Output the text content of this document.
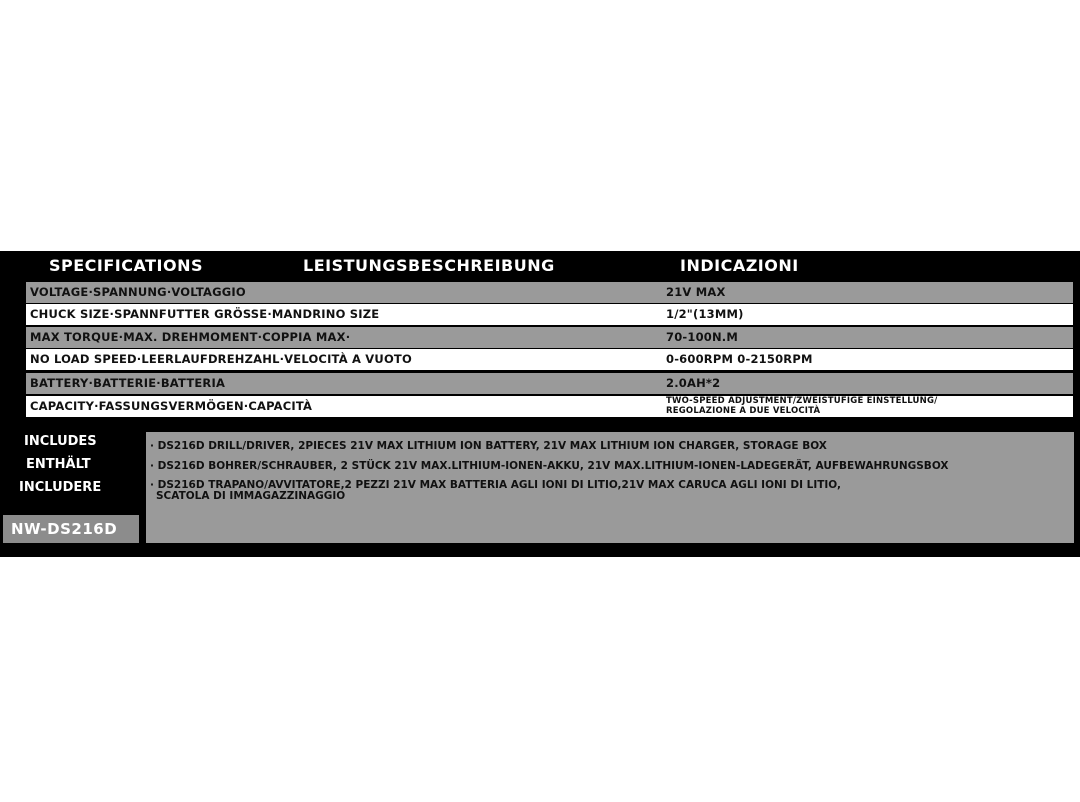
SPECIFICATIONS	LEISTUNGSBESCHREIBUNG	INDICAZIONI
VOLTAGE·SPANNUNG·VOLTAGGIO	21V MAX
CHUCK SIZE·SPANNFUTTER GRÖSSE·MANDRINO SIZE	1/2"(13MM)
MAX TORQUE·MAX. DREHMOMENT·COPPIA MAX·	70-100N.M
NO LOAD SPEED·LEERLAUFDREHZAHL·VELOCITÀ A VUOTO	0-600RPM 0-2150RPM
BATTERY·BATTERIE·BATTERIA	2.0AH*2
CAPACITY·FASSUNGSVERMÖGEN·CAPACITÀ	TWO-SPEED ADJUSTMENT/ZWEISTUFIGE EINSTELLUNG/
REGOLAZIONE A DUE VELOCITÀ
INCLUDES
ENTHÄLT
INCLUDERE
NW-DS216D
· DS216D DRILL/DRIVER, 2PIECES 21V MAX LITHIUM ION BATTERY, 21V MAX LITHIUM ION CHARGER, STORAGE BOX
· DS216D BOHRER/SCHRAUBER, 2 STÜCK 21V MAX.LITHIUM-IONEN-AKKU, 21V MAX.LITHIUM-IONEN-LADEGERÄT, AUFBEWAHRUNGSBOX
· DS216D TRAPANO/AVVITATORE,2 PEZZI 21V MAX BATTERIA AGLI IONI DI LITIO,21V MAX CARUCA AGLI IONI DI LITIO,
SCATOLA DI IMMAGAZZINAGGIO
